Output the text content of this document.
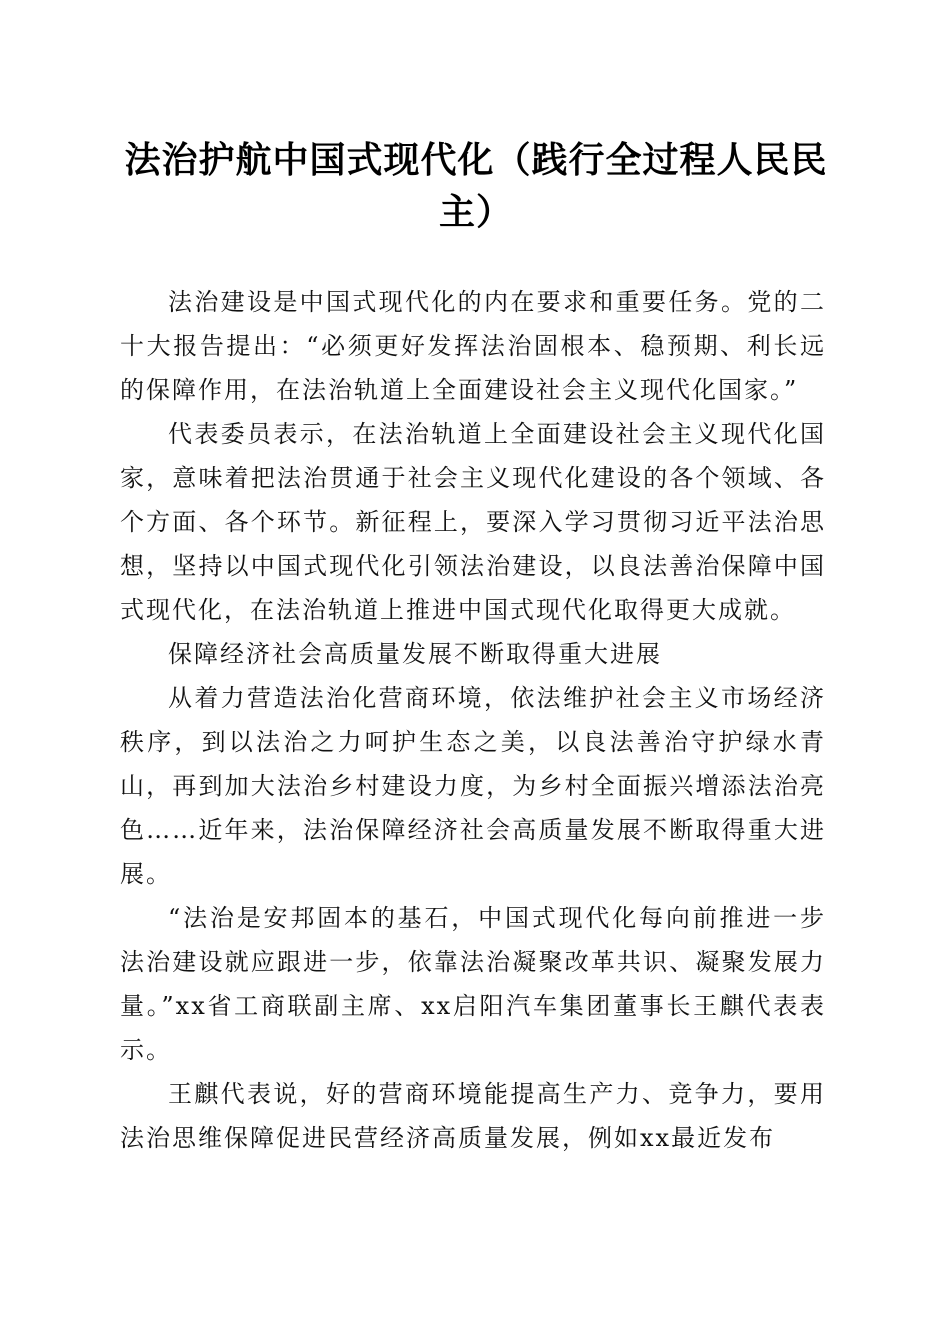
法治护航中国式现代化（践行全过程人民民主）

法治建设是中国式现代化的内在要求和重要任务。党的二十大报告提出：“必须更好发挥法治固根本、稳预期、利长远的保障作用，在法治轨道上全面建设社会主义现代化国家。”

代表委员表示，在法治轨道上全面建设社会主义现代化国家，意味着把法治贯通于社会主义现代化建设的各个领域、各个方面、各个环节。新征程上，要深入学习贯彻习近平法治思想，坚持以中国式现代化引领法治建设，以良法善治保障中国式现代化，在法治轨道上推进中国式现代化取得更大成就。

保障经济社会高质量发展不断取得重大进展

从着力营造法治化营商环境，依法维护社会主义市场经济秩序，到以法治之力呵护生态之美，以良法善治守护绿水青山，再到加大法治乡村建设力度，为乡村全面振兴增添法治亮色……近年来，法治保障经济社会高质量发展不断取得重大进展。

“法治是安邦固本的基石，中国式现代化每向前推进一步法治建设就应跟进一步，依靠法治凝聚改革共识、凝聚发展力量。”xx省工商联副主席、xx启阳汽车集团董事长王麒代表表示。

王麒代表说，好的营商环境能提高生产力、竞争力，要用法治思维保障促进民营经济高质量发展，例如xx最近发布
